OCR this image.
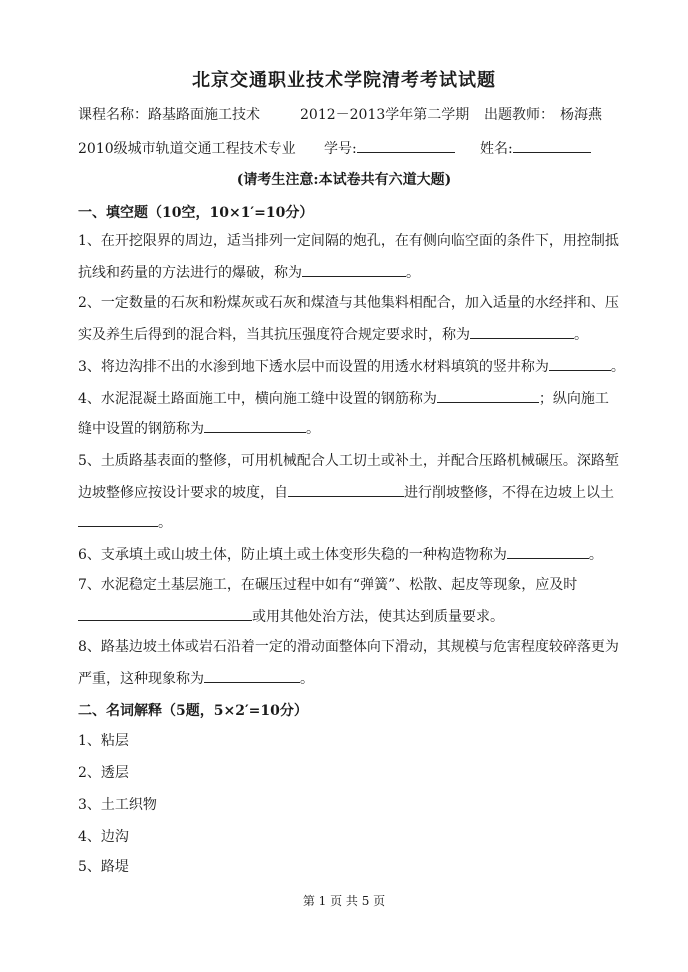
北京交通职业技术学院清考考试试题
课程名称：路基路面施工技术	2012－2013学年第二学期 出题教师： 杨海燕
2010级城市轨道交通工程技术专业 学号:	姓名:
(请考生注意:本试卷共有六道大题)
一、填空题（10空，10×1′=10分）
1、在开挖限界的周边，适当排列一定间隔的炮孔，在有侧向临空面的条件下，用控制抵
抗线和药量的方法进行的爆破，称为	。
2、一定数量的石灰和粉煤灰或石灰和煤渣与其他集料相配合，加入适量的水经拌和、压
实及养生后得到的混合料，当其抗压强度符合规定要求时，称为	。
3、将边沟排不出的水渗到地下透水层中而设置的用透水材料填筑的竖井称为	。
4、水泥混凝土路面施工中，横向施工缝中设置的钢筋称为	；纵向施工
缝中设置的钢筋称为	。
5、土质路基表面的整修，可用机械配合人工切土或补土，并配合压路机械碾压。深路堑
边坡整修应按设计要求的坡度，自	进行削坡整修，不得在边坡上以土
。
6、支承填土或山坡土体，防止填土或土体变形失稳的一种构造物称为	。
7、水泥稳定土基层施工，在碾压过程中如有“弹簧”、松散、起皮等现象，应及时
或用其他处治方法，使其达到质量要求。
8、路基边坡土体或岩石沿着一定的滑动面整体向下滑动，其规模与危害程度较碎落更为
严重，这种现象称为	。
二、名词解释（5题，5×2′=10分）
1、粘层
2、透层
3、土工织物
4、边沟
5、路堤
第 1 页 共 5 页
